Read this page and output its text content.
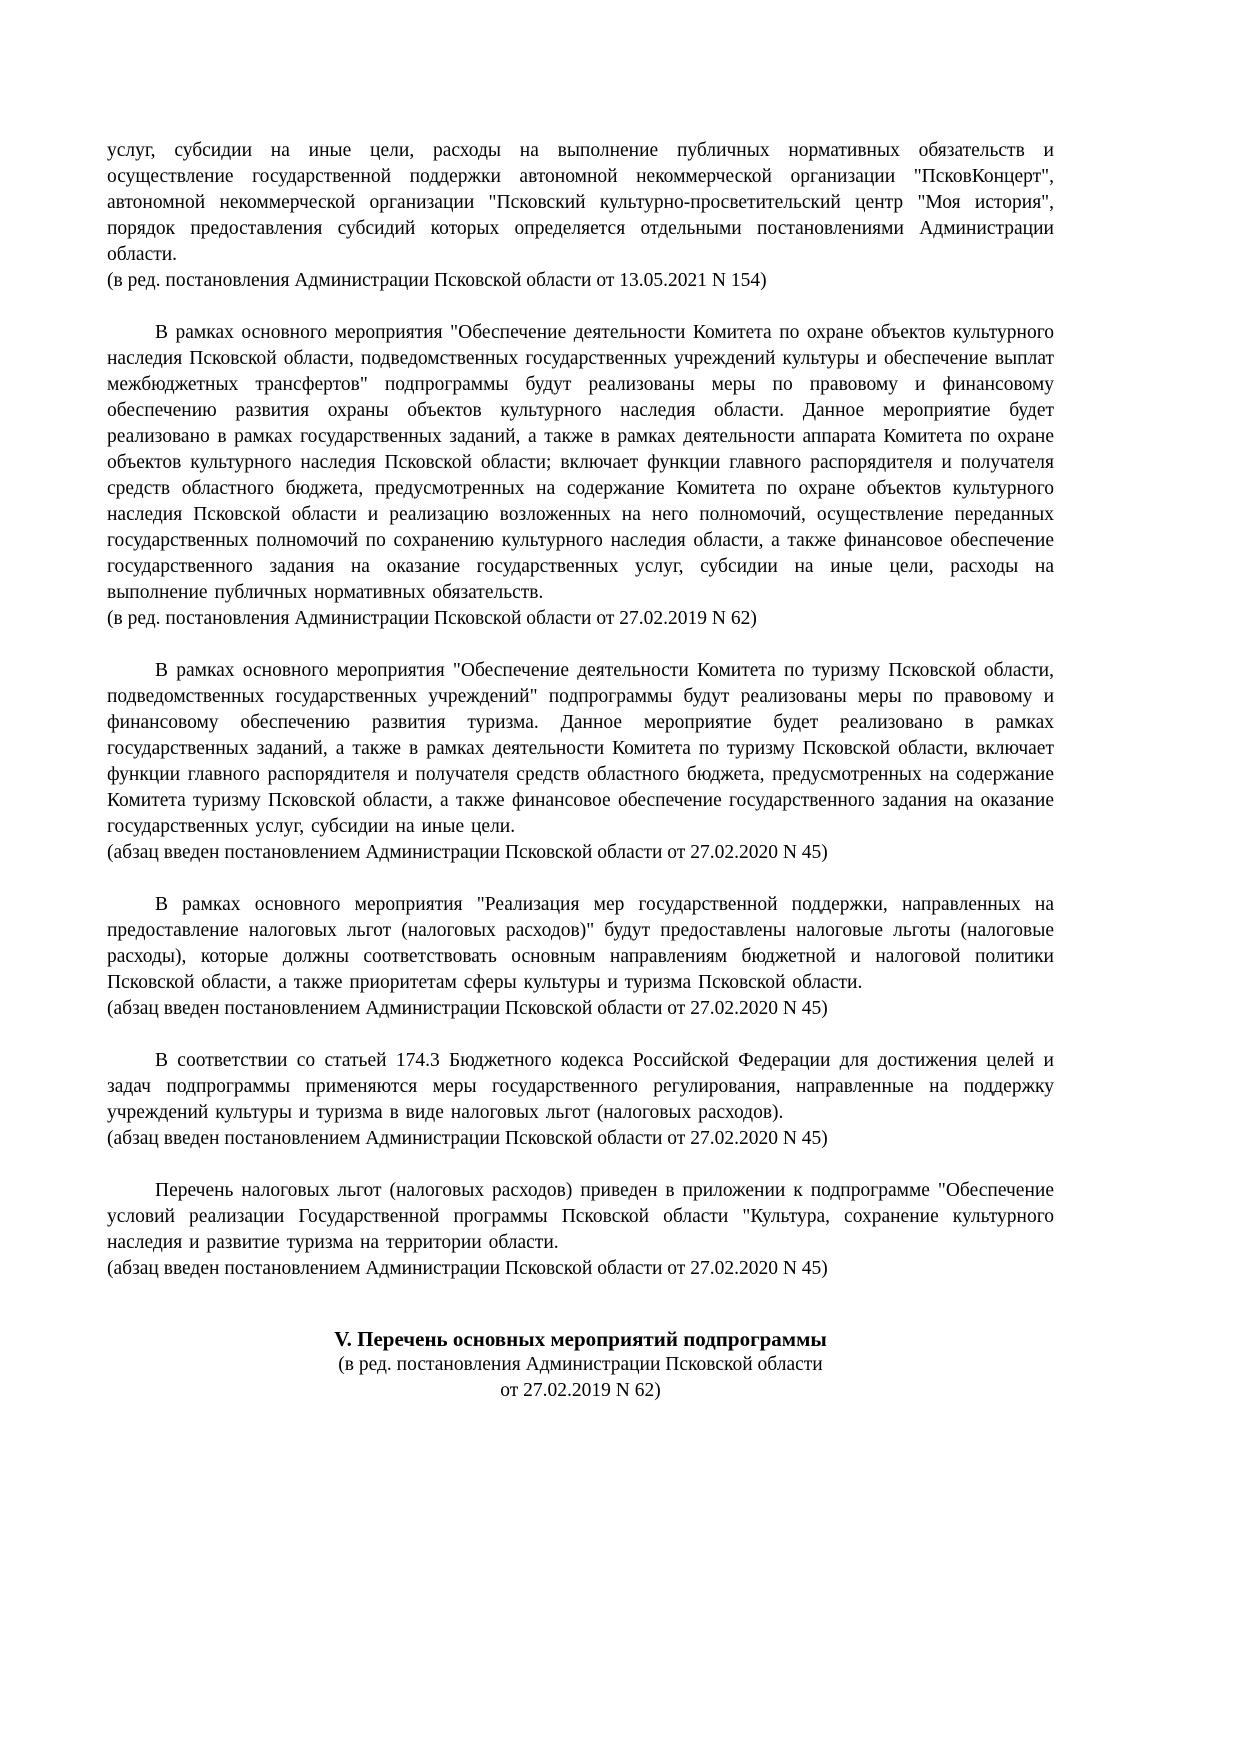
услуг, субсидии на иные цели, расходы на выполнение публичных нормативных обязательств и осуществление государственной поддержки автономной некоммерческой организации "ПсковКонцерт", автономной некоммерческой организации "Псковский культурно-просветительский центр "Моя история", порядок предоставления субсидий которых определяется отдельными постановлениями Администрации области.

(в ред. постановления Администрации Псковской области от 13.05.2021 N 154)

В рамках основного мероприятия "Обеспечение деятельности Комитета по охране объектов культурного наследия Псковской области, подведомственных государственных учреждений культуры и обеспечение выплат межбюджетных трансфертов" подпрограммы будут реализованы меры по правовому и финансовому обеспечению развития охраны объектов культурного наследия области. Данное мероприятие будет реализовано в рамках государственных заданий, а также в рамках деятельности аппарата Комитета по охране объектов культурного наследия Псковской области; включает функции главного распорядителя и получателя средств областного бюджета, предусмотренных на содержание Комитета по охране объектов культурного наследия Псковской области и реализацию возложенных на него полномочий, осуществление переданных государственных полномочий по сохранению культурного наследия области, а также финансовое обеспечение государственного задания на оказание государственных услуг, субсидии на иные цели, расходы на выполнение публичных нормативных обязательств.

(в ред. постановления Администрации Псковской области от 27.02.2019 N 62)

В рамках основного мероприятия "Обеспечение деятельности Комитета по туризму Псковской области, подведомственных государственных учреждений" подпрограммы будут реализованы меры по правовому и финансовому обеспечению развития туризма. Данное мероприятие будет реализовано в рамках государственных заданий, а также в рамках деятельности Комитета по туризму Псковской области, включает функции главного распорядителя и получателя средств областного бюджета, предусмотренных на содержание Комитета туризму Псковской области, а также финансовое обеспечение государственного задания на оказание государственных услуг, субсидии на иные цели.

(абзац введен постановлением Администрации Псковской области от 27.02.2020 N 45)

В рамках основного мероприятия "Реализация мер государственной поддержки, направленных на предоставление налоговых льгот (налоговых расходов)" будут предоставлены налоговые льготы (налоговые расходы), которые должны соответствовать основным направлениям бюджетной и налоговой политики Псковской области, а также приоритетам сферы культуры и туризма Псковской области.

(абзац введен постановлением Администрации Псковской области от 27.02.2020 N 45)

В соответствии со статьей 174.3 Бюджетного кодекса Российской Федерации для достижения целей и задач подпрограммы применяются меры государственного регулирования, направленные на поддержку учреждений культуры и туризма в виде налоговых льгот (налоговых расходов).

(абзац введен постановлением Администрации Псковской области от 27.02.2020 N 45)

Перечень налоговых льгот (налоговых расходов) приведен в приложении к подпрограмме "Обеспечение условий реализации Государственной программы Псковской области "Культура, сохранение культурного наследия и развитие туризма на территории области.

(абзац введен постановлением Администрации Псковской области от 27.02.2020 N 45)

V. Перечень основных мероприятий подпрограммы

(в ред. постановления Администрации Псковской области

от 27.02.2019 N 62)
